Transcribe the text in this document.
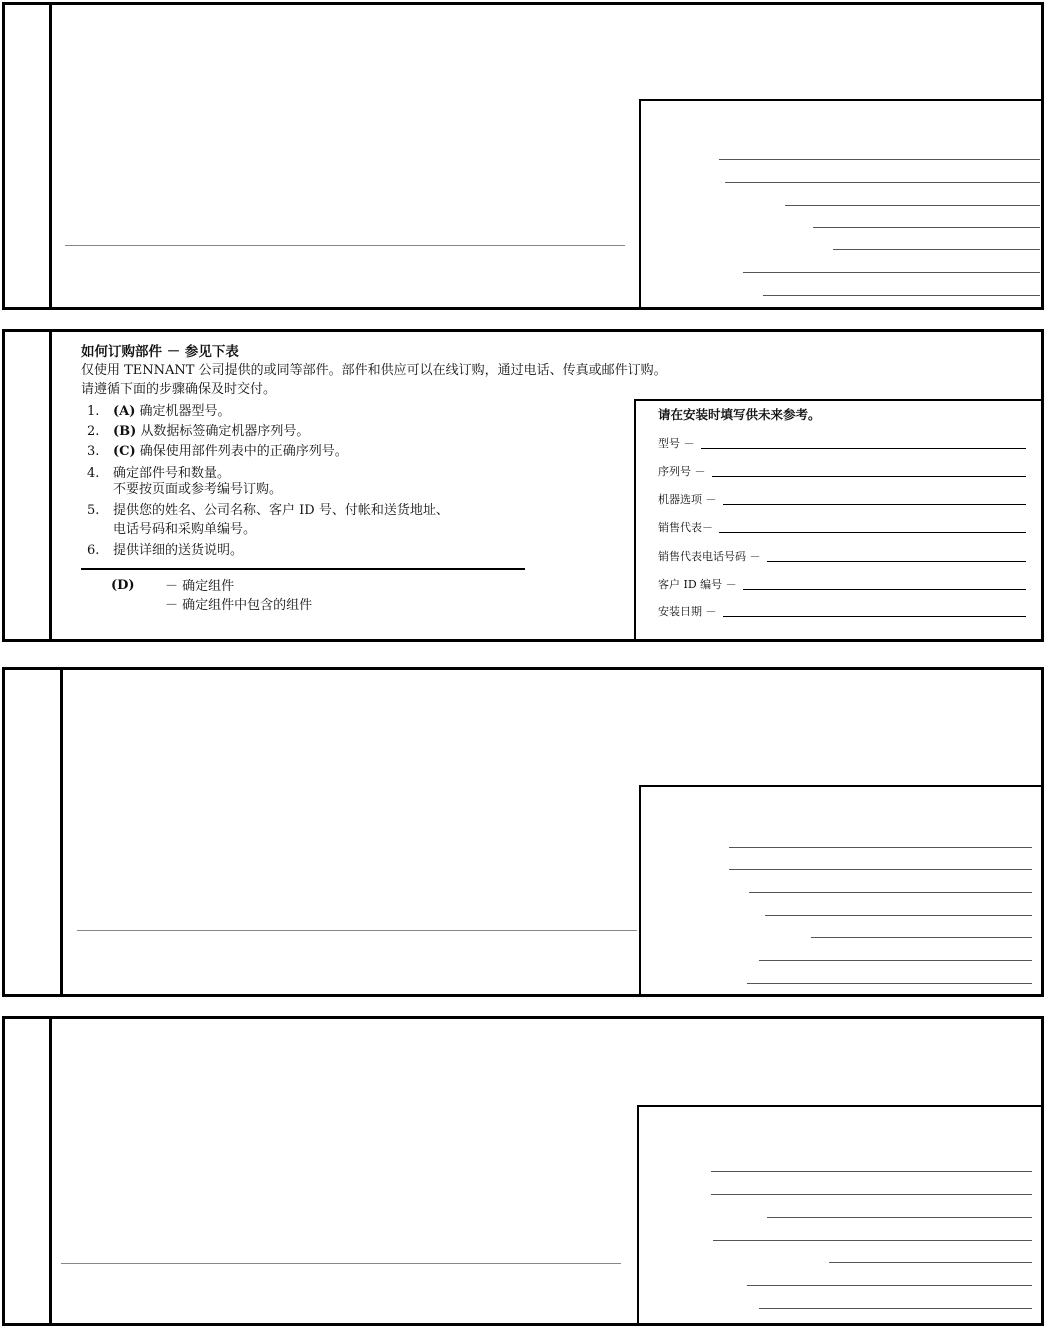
如何订购部件 － 参见下表
仅使用 TENNANT 公司提供的或同等部件。部件和供应可以在线订购，通过电话、传真或邮件订购。
请遵循下面的步骤确保及时交付。
1. (A) 确定机器型号。
2. (B) 从数据标签确定机器序列号。
3. (C) 确保使用部件列表中的正确序列号。
4. 确定部件号和数量。
不要按页面或参考编号订购。
5. 提供您的姓名、公司名称、客户 ID 号、付帐和送货地址、
电话号码和采购单编号。
6. 提供详细的送货说明。
(D) － 确定组件
－ 确定组件中包含的组件
请在安装时填写供未来参考。
型号 －
序列号 －
机器选项 －
销售代表－
销售代表电话号码 －
客户 ID 编号 －
安装日期 －
